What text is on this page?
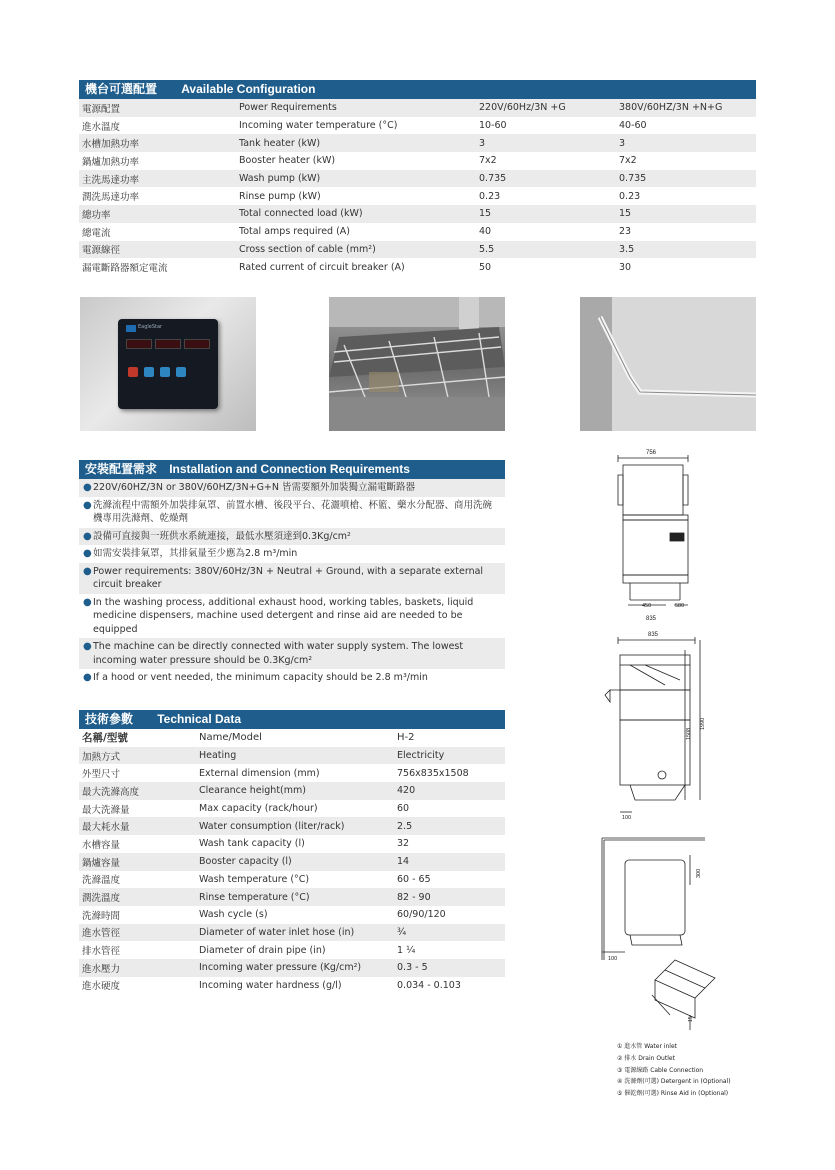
機台可選配置 Available Configuration
電源配置	Power Requirements	220V/60Hz/3N +G	380V/60HZ/3N +N+G
進水溫度	Incoming water temperature (°C)	10-60	40-60
水槽加熱功率	Tank heater (kW)	3	3
鍋爐加熱功率	Booster heater (kW)	7x2	7x2
主洗馬達功率	Wash pump (kW)	0.735	0.735
潤洗馬達功率	Rinse pump (kW)	0.23	0.23
總功率	Total connected load (kW)	15	15
總電流	Total amps required (A)	40	23
電源線徑	Cross section of cable (mm²)	5.5	3.5
漏電斷路器額定電流	Rated current of circuit breaker (A)	50	30
EagleStar
安裝配置需求 Installation and Connection Requirements
● 220V/60HZ/3N or 380V/60HZ/3N+G+N 皆需要額外加裝獨立漏電斷路器
● 洗滌流程中需額外加裝排氣罩、前置水槽、後段平台、花灑噴槍、杯籃、藥水分配器、商用洗碗機專用洗滌劑、乾燥劑
● 設備可直接與一班供水系統連接，最低水壓須達到0.3Kg/cm²
● 如需安裝排氣罩，其排氣量至少應為2.8 m³/min
● Power requirements: 380V/60Hz/3N + Neutral + Ground, with a separate external circuit breaker
● In the washing process, additional exhaust hood, working tables, baskets, liquid medicine dispensers, machine used detergent and rinse aid are needed to be equipped
● The machine can be directly connected with water supply system. The lowest incoming water pressure should be 0.3Kg/cm²
● If a hood or vent needed, the minimum capacity should be 2.8 m³/min
技術參數 Technical Data
名稱/型號	Name/Model	H-2
加熱方式	Heating	Electricity
外型尺寸	External dimension (mm)	756x835x1508
最大洗滌高度	Clearance height(mm)	420
最大洗滌量	Max capacity (rack/hour)	60
最大耗水量	Water consumption (liter/rack)	2.5
水槽容量	Wash tank capacity (l)	32
鍋爐容量	Booster capacity (l)	14
洗滌溫度	Wash temperature (°C)	60 - 65
潤洗溫度	Rinse temperature (°C)	82 - 90
洗滌時間	Wash cycle (s)	60/90/120
進水管徑	Diameter of water inlet hose (in)	¾
排水管徑	Diameter of drain pipe (in)	1 ¼
進水壓力	Incoming water pressure (Kg/cm²)	0.3 - 5
進水硬度	Incoming water hardness (g/l)	0.034 - 0.103
756
450	580
835
835
1508
1990
100
300
100
15
① 進水管 Water inlet
② 排水 Drain Outlet
③ 電源線路 Cable Connection
④ 洗滌劑(可選) Detergent in (Optional)
⑤ 催乾劑(可選) Rinse Aid in (Optional)
